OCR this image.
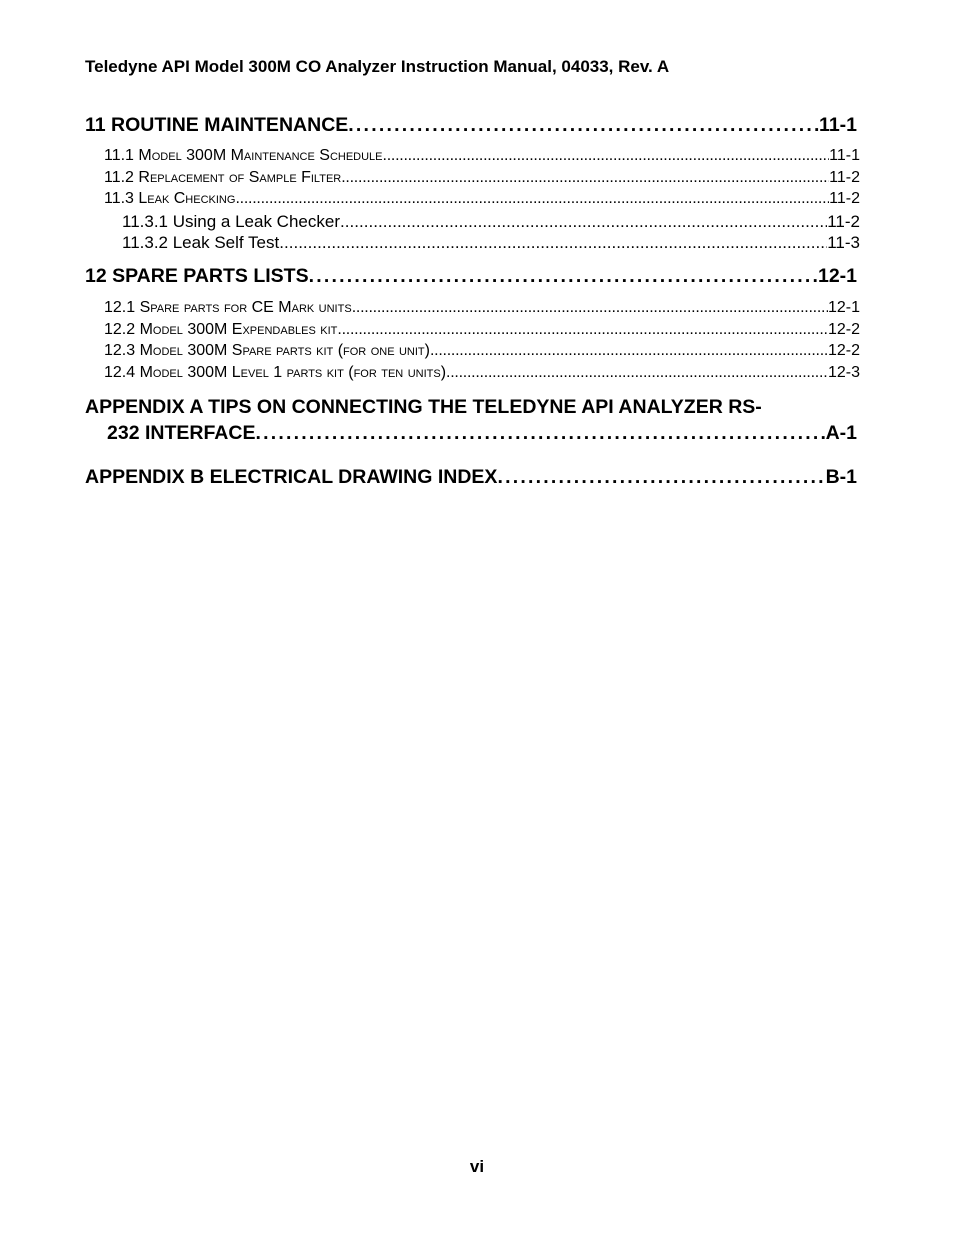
Teledyne API Model 300M CO Analyzer Instruction Manual, 04033, Rev. A
11 ROUTINE MAINTENANCE . . .	11-1
11.1 Model 300M Maintenance Schedule . . .	11-1
11.2 Replacement of Sample Filter . . .	11-2
11.3 Leak Checking . . .	11-2
11.3.1 Using a Leak Checker . . .	11-2
11.3.2 Leak Self Test . . .	11-3
12 SPARE PARTS LISTS . . .	12-1
12.1 Spare parts for CE Mark units . . .	12-1
12.2 Model 300M Expendables kit . . .	12-2
12.3 Model 300M Spare parts kit (for one unit) . . .	12-2
12.4 Model 300M Level 1 parts kit (for ten units) . . .	12-3
APPENDIX A TIPS ON CONNECTING THE TELEDYNE API ANALYZER RS-
232 INTERFACE . . .	A-1
APPENDIX B ELECTRICAL DRAWING INDEX . . .	B-1
vi
